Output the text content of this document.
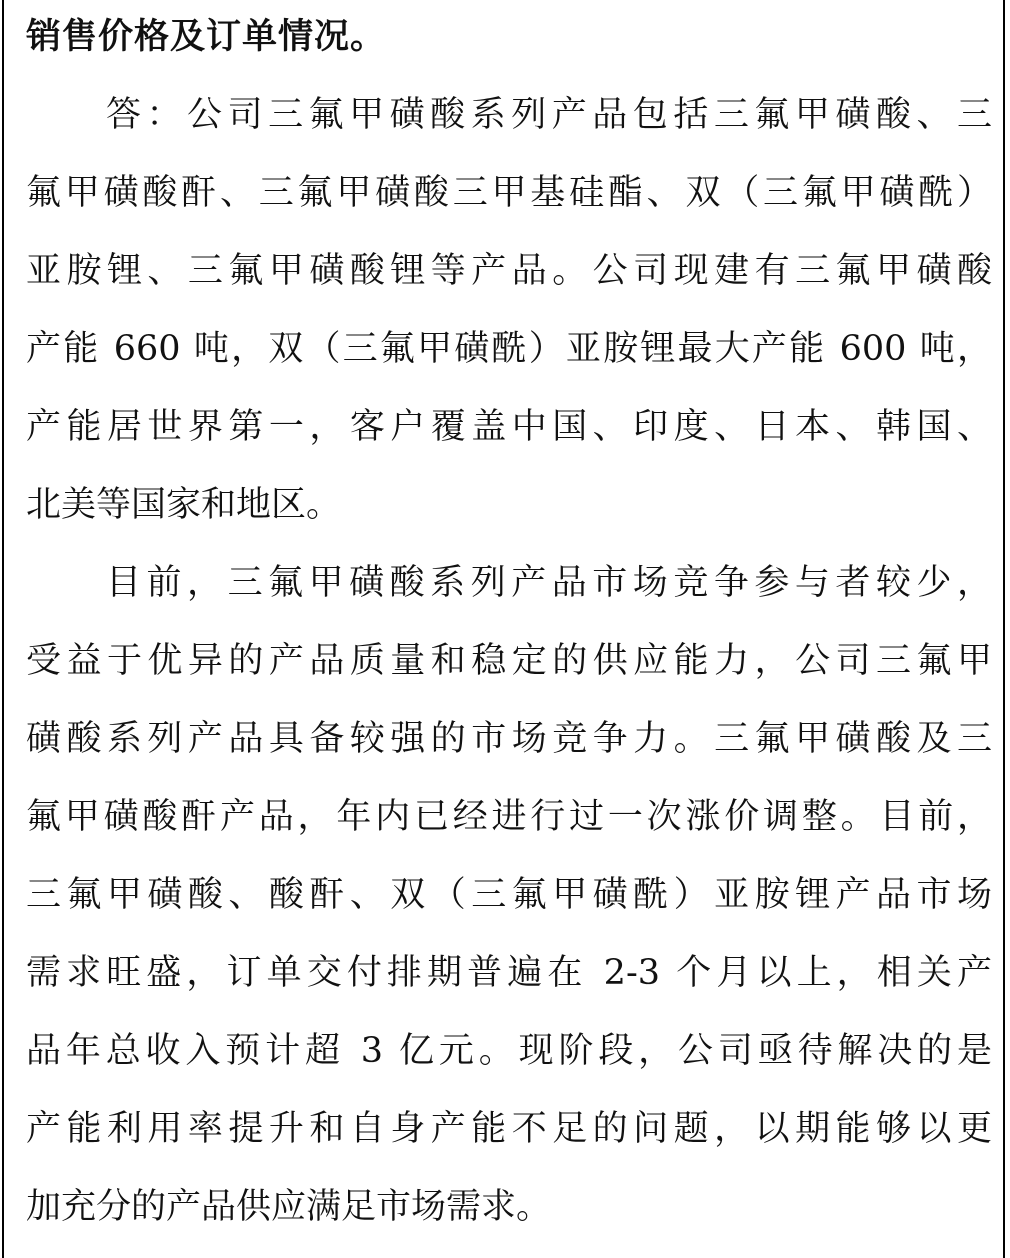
销售价格及订单情况。
答：公司三氟甲磺酸系列产品包括三氟甲磺酸、三
氟甲磺酸酐、三氟甲磺酸三甲基硅酯、双（三氟甲磺酰）
亚胺锂、三氟甲磺酸锂等产品。公司现建有三氟甲磺酸
产能 660 吨，双（三氟甲磺酰）亚胺锂最大产能 600 吨，
产能居世界第一，客户覆盖中国、印度、日本、韩国、
北美等国家和地区。
目前，三氟甲磺酸系列产品市场竞争参与者较少，
受益于优异的产品质量和稳定的供应能力，公司三氟甲
磺酸系列产品具备较强的市场竞争力。三氟甲磺酸及三
氟甲磺酸酐产品，年内已经进行过一次涨价调整。目前，
三氟甲磺酸、酸酐、双（三氟甲磺酰）亚胺锂产品市场
需求旺盛，订单交付排期普遍在 2-3 个月以上，相关产
品年总收入预计超 3 亿元。现阶段，公司亟待解决的是
产能利用率提升和自身产能不足的问题，以期能够以更
加充分的产品供应满足市场需求。
